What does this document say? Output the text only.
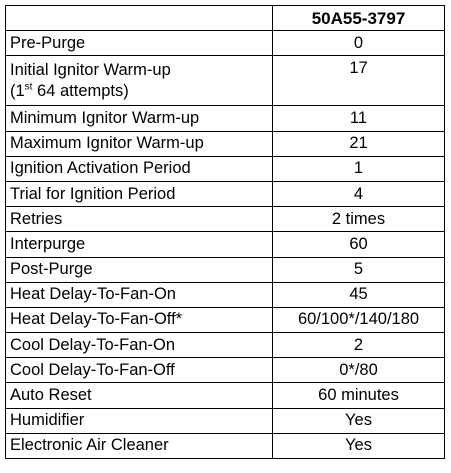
	50A55-3797
Pre-Purge	0
Initial Ignitor Warm-up
(1st 64 attempts)	17
Minimum Ignitor Warm-up	11
Maximum Ignitor Warm-up	21
Ignition Activation Period	1
Trial for Ignition Period	4
Retries	2 times
Interpurge	60
Post-Purge	5
Heat Delay-To-Fan-On	45
Heat Delay-To-Fan-Off*	60/100*/140/180
Cool Delay-To-Fan-On	2
Cool Delay-To-Fan-Off	0*/80
Auto Reset	60 minutes
Humidifier	Yes
Electronic Air Cleaner	Yes
